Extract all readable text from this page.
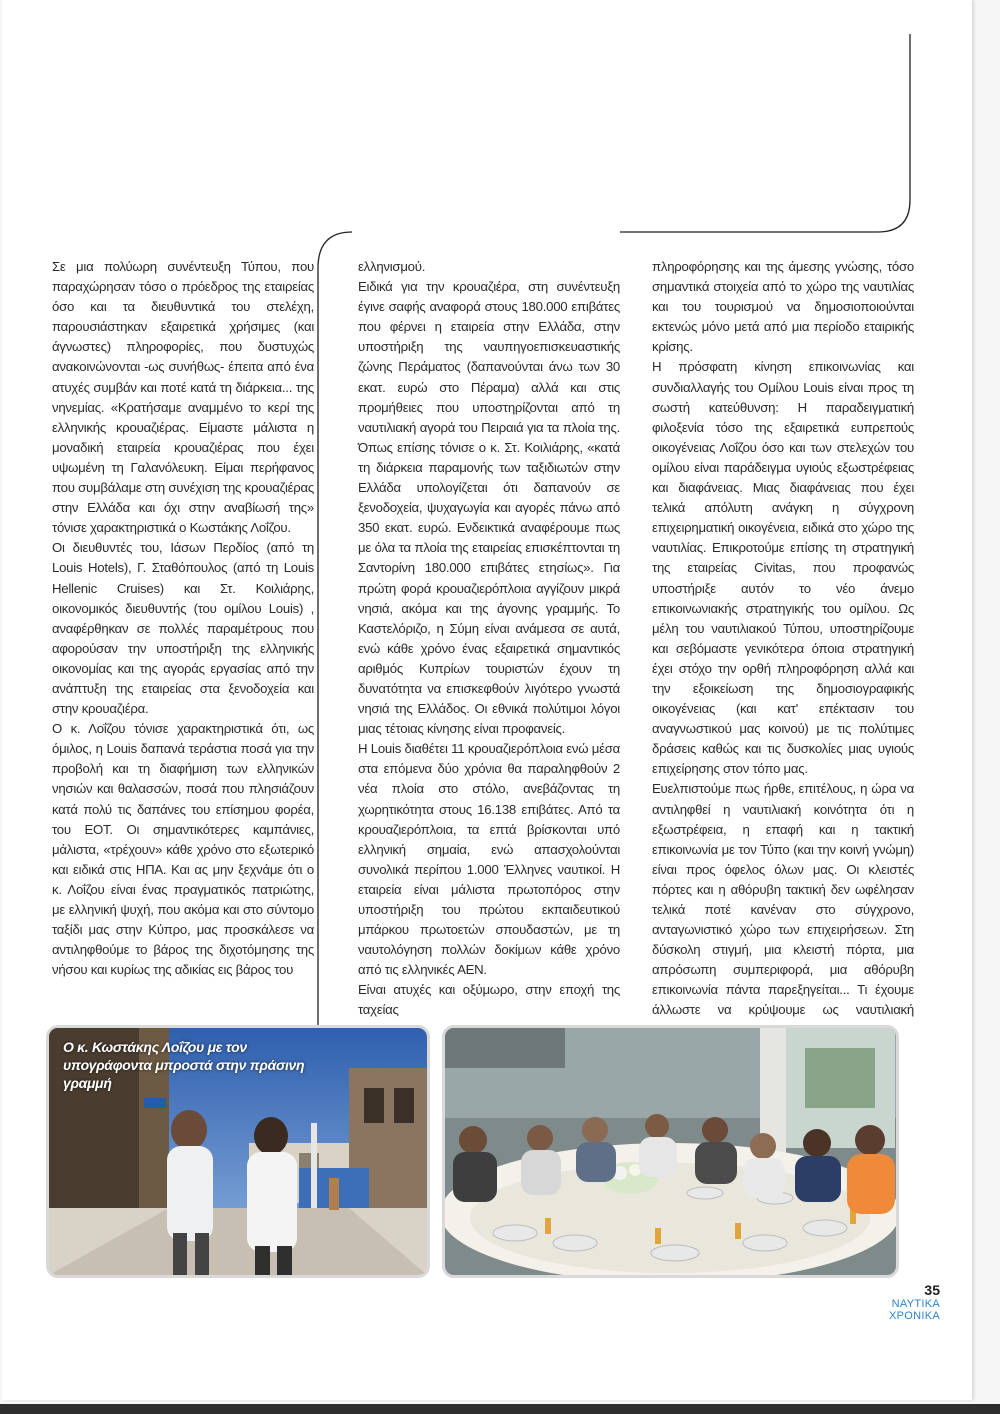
Σε μια πολύωρη συνέντευξη Τύπου, που παραχώρησαν τόσο ο πρόεδρος της εταιρείας όσο και τα διευθυντικά του στελέχη, παρουσιάστηκαν εξαιρετικά χρήσιμες (και άγνωστες) πληροφορίες, που δυστυχώς ανακοινώνονται -ως συνήθως- έπειτα από ένα ατυχές συμβάν και ποτέ κατά τη διάρκεια... της νηνεμίας. «Κρατήσαμε αναμμένο το κερί της ελληνικής κρουαζιέρας. Είμαστε μάλιστα η μοναδική εταιρεία κρουαζιέρας που έχει υψωμένη τη Γαλανόλευκη. Είμαι περήφανος που συμβάλαμε στη συνέχιση της κρουαζιέρας στην Ελλάδα και όχι στην αναβίωσή της» τόνισε χαρακτηριστικά ο Κωστάκης Λοΐζου.

Οι διευθυντές του, Ιάσων Περδίος (από τη Louis Hotels), Γ. Σταθόπουλος (από τη Louis Hellenic Cruises) και Στ. Κοιλιάρης, οικονομικός διευθυντής (του ομίλου Louis) , αναφέρθηκαν σε πολλές παραμέτρους που αφορούσαν την υποστήριξη της ελληνικής οικονομίας και της αγοράς εργασίας από την ανάπτυξη της εταιρείας στα ξενοδοχεία και στην κρουαζιέρα.

Ο κ. Λοΐζου τόνισε χαρακτηριστικά ότι, ως όμιλος, η Louis δαπανά τεράστια ποσά για την προβολή και τη διαφήμιση των ελληνικών νησιών και θαλασσών, ποσά που πλησιάζουν κατά πολύ τις δαπάνες του επίσημου φορέα, του ΕΟΤ. Οι σημαντικότερες καμπάνιες, μάλιστα, «τρέχουν» κάθε χρόνο στο εξωτερικό και ειδικά στις ΗΠΑ. Και ας μην ξεχνάμε ότι ο κ. Λοΐζου είναι ένας πραγματικός πατριώτης, με ελληνική ψυχή, που ακόμα και στο σύντομο ταξίδι μας στην Κύπρο, μας προσκάλεσε να αντιληφθούμε το βάρος της διχοτόμησης της νήσου και κυρίως της αδικίας εις βάρος του

ελληνισμού.

Ειδικά για την κρουαζιέρα, στη συνέντευξη έγινε σαφής αναφορά στους 180.000 επιβάτες που φέρνει η εταιρεία στην Ελλάδα, στην υποστήριξη της ναυπηγοεπισκευαστικής ζώνης Περάματος (δαπανούνται άνω των 30 εκατ. ευρώ στο Πέραμα) αλλά και στις προμήθειες που υποστηρίζονται από τη ναυτιλιακή αγορά του Πειραιά για τα πλοία της. Όπως επίσης τόνισε ο κ. Στ. Κοιλιάρης, «κατά τη διάρκεια παραμονής των ταξιδιωτών στην Ελλάδα υπολογίζεται ότι δαπανούν σε ξενοδοχεία, ψυχαγωγία και αγορές πάνω από 350 εκατ. ευρώ. Ενδεικτικά αναφέρουμε πως με όλα τα πλοία της εταιρείας επισκέπτονται τη Σαντορίνη 180.000 επιβάτες ετησίως». Για πρώτη φορά κρουαζιερόπλοια αγγίζουν μικρά νησιά, ακόμα και της άγονης γραμμής. Το Καστελόριζο, η Σύμη είναι ανάμεσα σε αυτά, ενώ κάθε χρόνο ένας εξαιρετικά σημαντικός αριθμός Κυπρίων τουριστών έχουν τη δυνατότητα να επισκεφθούν λιγότερο γνωστά νησιά της Ελλάδος. Οι εθνικά πολύτιμοι λόγοι μιας τέτοιας κίνησης είναι προφανείς.

Η Louis διαθέτει 11 κρουαζιερόπλοια ενώ μέσα στα επόμενα δύο χρόνια θα παραληφθούν 2 νέα πλοία στο στόλο, ανεβάζοντας τη χωρητικότητα στους 16.138 επιβάτες. Από τα κρουαζιερόπλοια, τα επτά βρίσκονται υπό ελληνική σημαία, ενώ απασχολούνται συνολικά περίπου 1.000 Έλληνες ναυτικοί. Η εταιρεία είναι μάλιστα πρωτοπόρος στην υποστήριξη του πρώτου εκπαιδευτικού μπάρκου πρωτοετών σπουδαστών, με τη ναυτολόγηση πολλών δοκίμων κάθε χρόνο από τις ελληνικές ΑΕΝ.

Είναι ατυχές και οξύμωρο, στην εποχή της ταχείας

πληροφόρησης και της άμεσης γνώσης, τόσο σημαντικά στοιχεία από το χώρο της ναυτιλίας και του τουρισμού να δημοσιοποιούνται εκτενώς μόνο μετά από μια περίοδο εταιρικής κρίσης.

Η πρόσφατη κίνηση επικοινωνίας και συνδιαλλαγής του Ομίλου Louis είναι προς τη σωστή κατεύθυνση: Η παραδειγματική φιλοξενία τόσο της εξαιρετικά ευπρεπούς οικογένειας Λοΐζου όσο και των στελεχών του ομίλου είναι παράδειγμα υγιούς εξωστρέφειας και διαφάνειας. Μιας διαφάνειας που έχει τελικά απόλυτη ανάγκη η σύγχρονη επιχειρηματική οικογένεια, ειδικά στο χώρο της ναυτιλίας. Επικροτούμε επίσης τη στρατηγική της εταιρείας Civitas, που προφανώς υποστήριξε αυτόν το νέο άνεμο επικοινωνιακής στρατηγικής του ομίλου. Ως μέλη του ναυτιλιακού Τύπου, υποστηρίζουμε και σεβόμαστε γενικότερα όποια στρατηγική έχει στόχο την ορθή πληροφόρηση αλλά και την εξοικείωση της δημοσιογραφικής οικογένειας (και κατ' επέκτασιν του αναγνωστικού μας κοινού) με τις πολύτιμες δράσεις καθώς και τις δυσκολίες μιας υγιούς επιχείρησης στον τόπο μας.

Ευελπιστούμε πως ήρθε, επιτέλους, η ώρα να αντιληφθεί η ναυτιλιακή κοινότητα ότι η εξωστρέφεια, η επαφή και η τακτική επικοινωνία με τον Τύπο (και την κοινή γνώμη) είναι προς όφελος όλων μας. Οι κλειστές πόρτες και η αθόρυβη τακτική δεν ωφέλησαν τελικά ποτέ κανέναν στο σύγχρονο, ανταγωνιστικό χώρο των επιχειρήσεων. Στη δύσκολη στιγμή, μια κλειστή πόρτα, μια απρόσωπη συμπεριφορά, μια αθόρυβη επικοινωνία πάντα παρεξηγείται... Τι έχουμε άλλωστε να κρύψουμε ως ναυτιλιακή

Ο κ. Κωστάκης Λοΐζου με τον υπογράφοντα μπροστά στην πράσινη γραμμή
35
ΝΑΥΤΙΚΑ
ΧΡΟΝΙΚΑ
